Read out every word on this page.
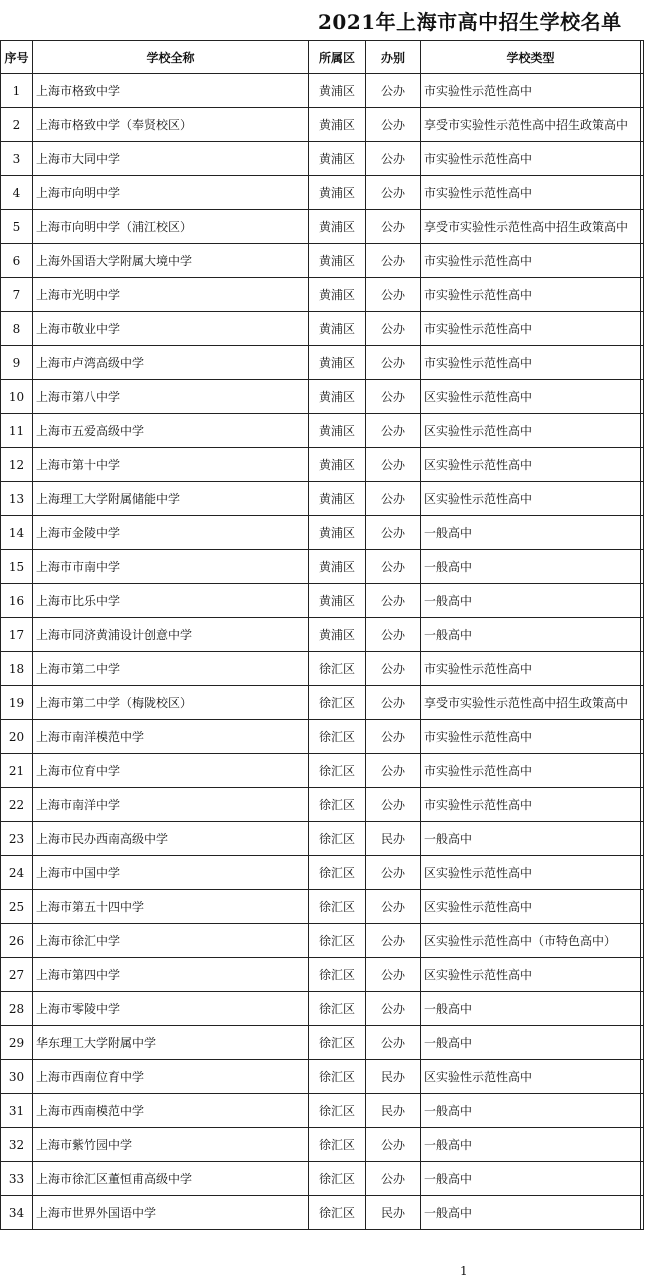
2021年上海市高中招生学校名单
序号	学校全称	所属区	办别	学校类型	
1	上海市格致中学	黄浦区	公办	市实验性示范性高中	
2	上海市格致中学（奉贤校区）	黄浦区	公办	享受市实验性示范性高中招生政策高中	
3	上海市大同中学	黄浦区	公办	市实验性示范性高中	
4	上海市向明中学	黄浦区	公办	市实验性示范性高中	
5	上海市向明中学（浦江校区）	黄浦区	公办	享受市实验性示范性高中招生政策高中	
6	上海外国语大学附属大境中学	黄浦区	公办	市实验性示范性高中	
7	上海市光明中学	黄浦区	公办	市实验性示范性高中	
8	上海市敬业中学	黄浦区	公办	市实验性示范性高中	
9	上海市卢湾高级中学	黄浦区	公办	市实验性示范性高中	
10	上海市第八中学	黄浦区	公办	区实验性示范性高中	
11	上海市五爱高级中学	黄浦区	公办	区实验性示范性高中	
12	上海市第十中学	黄浦区	公办	区实验性示范性高中	
13	上海理工大学附属储能中学	黄浦区	公办	区实验性示范性高中	
14	上海市金陵中学	黄浦区	公办	一般高中	
15	上海市市南中学	黄浦区	公办	一般高中	
16	上海市比乐中学	黄浦区	公办	一般高中	
17	上海市同济黄浦设计创意中学	黄浦区	公办	一般高中	
18	上海市第二中学	徐汇区	公办	市实验性示范性高中	
19	上海市第二中学（梅陇校区）	徐汇区	公办	享受市实验性示范性高中招生政策高中	
20	上海市南洋模范中学	徐汇区	公办	市实验性示范性高中	
21	上海市位育中学	徐汇区	公办	市实验性示范性高中	
22	上海市南洋中学	徐汇区	公办	市实验性示范性高中	
23	上海市民办西南高级中学	徐汇区	民办	一般高中	
24	上海市中国中学	徐汇区	公办	区实验性示范性高中	
25	上海市第五十四中学	徐汇区	公办	区实验性示范性高中	
26	上海市徐汇中学	徐汇区	公办	区实验性示范性高中（市特色高中）	
27	上海市第四中学	徐汇区	公办	区实验性示范性高中	
28	上海市零陵中学	徐汇区	公办	一般高中	
29	华东理工大学附属中学	徐汇区	公办	一般高中	
30	上海市西南位育中学	徐汇区	民办	区实验性示范性高中	
31	上海市西南模范中学	徐汇区	民办	一般高中	
32	上海市紫竹园中学	徐汇区	公办	一般高中	
33	上海市徐汇区董恒甫高级中学	徐汇区	公办	一般高中	
34	上海市世界外国语中学	徐汇区	民办	一般高中	
1
